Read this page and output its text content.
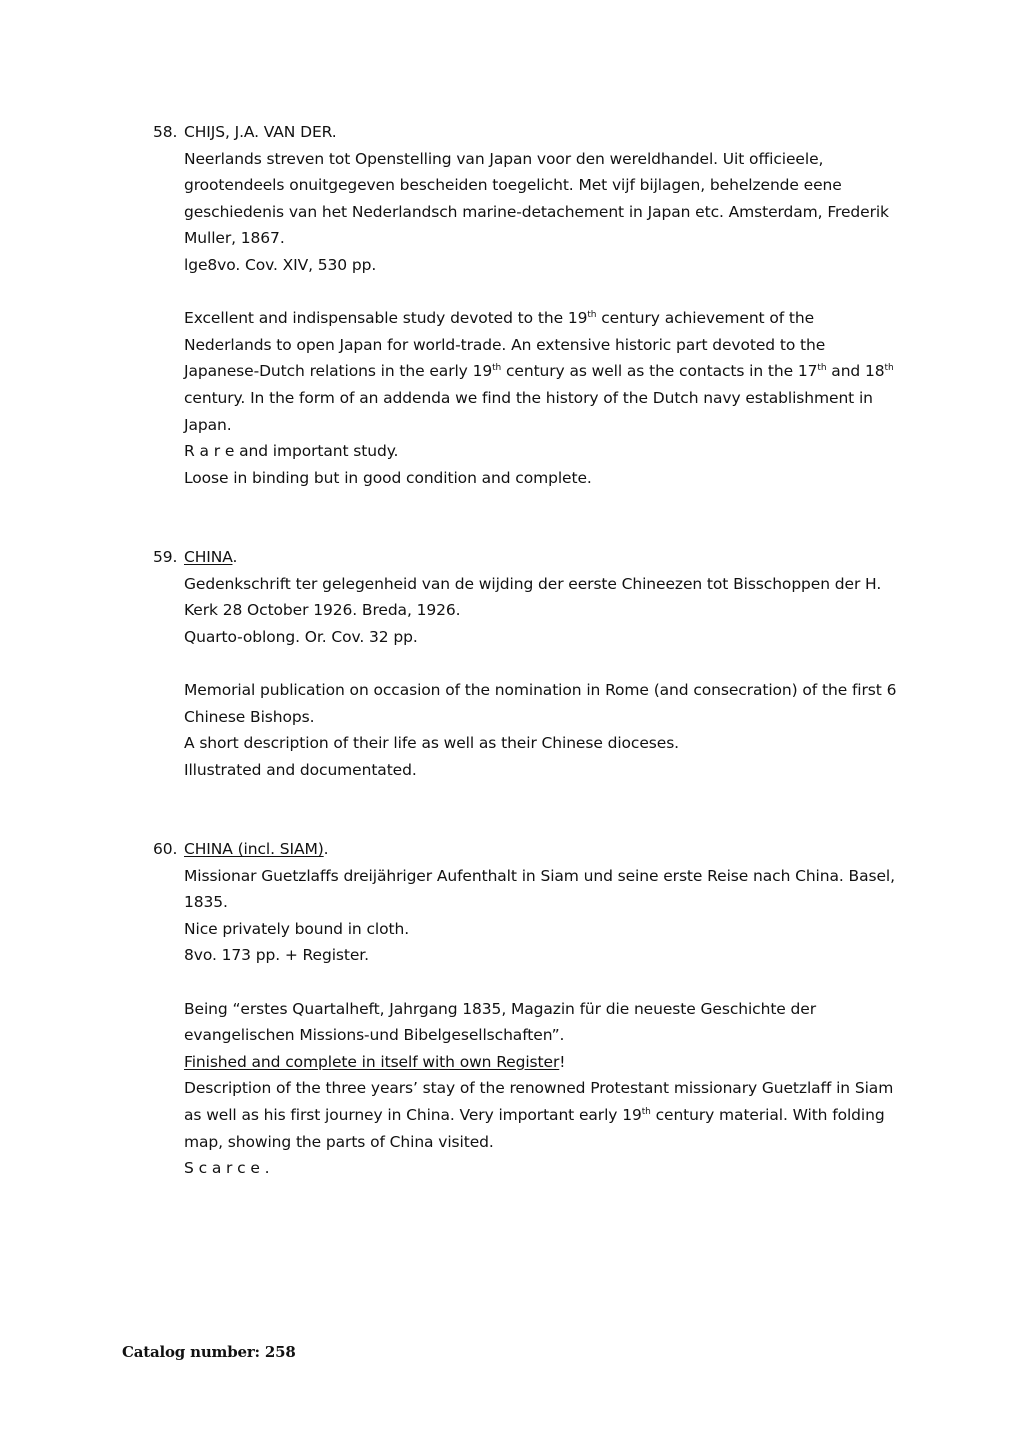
58. CHIJS, J.A. VAN DER.
Neerlands streven tot Openstelling van Japan voor den wereldhandel. Uit officieele,
grootendeels onuitgegeven bescheiden toegelicht. Met vijf bijlagen, behelzende eene
geschiedenis van het Nederlandsch marine-detachement in Japan etc. Amsterdam, Frederik
Muller, 1867.
lge8vo. Cov. XIV, 530 pp.
Excellent and indispensable study devoted to the 19th century achievement of the
Nederlands to open Japan for world-trade. An extensive historic part devoted to the
Japanese-Dutch relations in the early 19th century as well as the contacts in the 17th and 18th
century. In the form of an addenda we find the history of the Dutch navy establishment in
Japan.
R a r e and important study.
Loose in binding but in good condition and complete.
59. CHINA.
Gedenkschrift ter gelegenheid van de wijding der eerste Chineezen tot Bisschoppen der H.
Kerk 28 October 1926. Breda, 1926.
Quarto-oblong. Or. Cov. 32 pp.
Memorial publication on occasion of the nomination in Rome (and consecration) of the first 6
Chinese Bishops.
A short description of their life as well as their Chinese dioceses.
Illustrated and documentated.
60. CHINA (incl. SIAM).
Missionar Guetzlaffs dreijähriger Aufenthalt in Siam und seine erste Reise nach China. Basel,
1835.
Nice privately bound in cloth.
8vo. 173 pp. + Register.
Being “erstes Quartalheft, Jahrgang 1835, Magazin für die neueste Geschichte der
evangelischen Missions-und Bibelgesellschaften”.
Finished and complete in itself with own Register!
Description of the three years’ stay of the renowned Protestant missionary Guetzlaff in Siam
as well as his first journey in China. Very important early 19th century material. With folding
map, showing the parts of China visited.
S c a r c e .
Catalog number: 258
